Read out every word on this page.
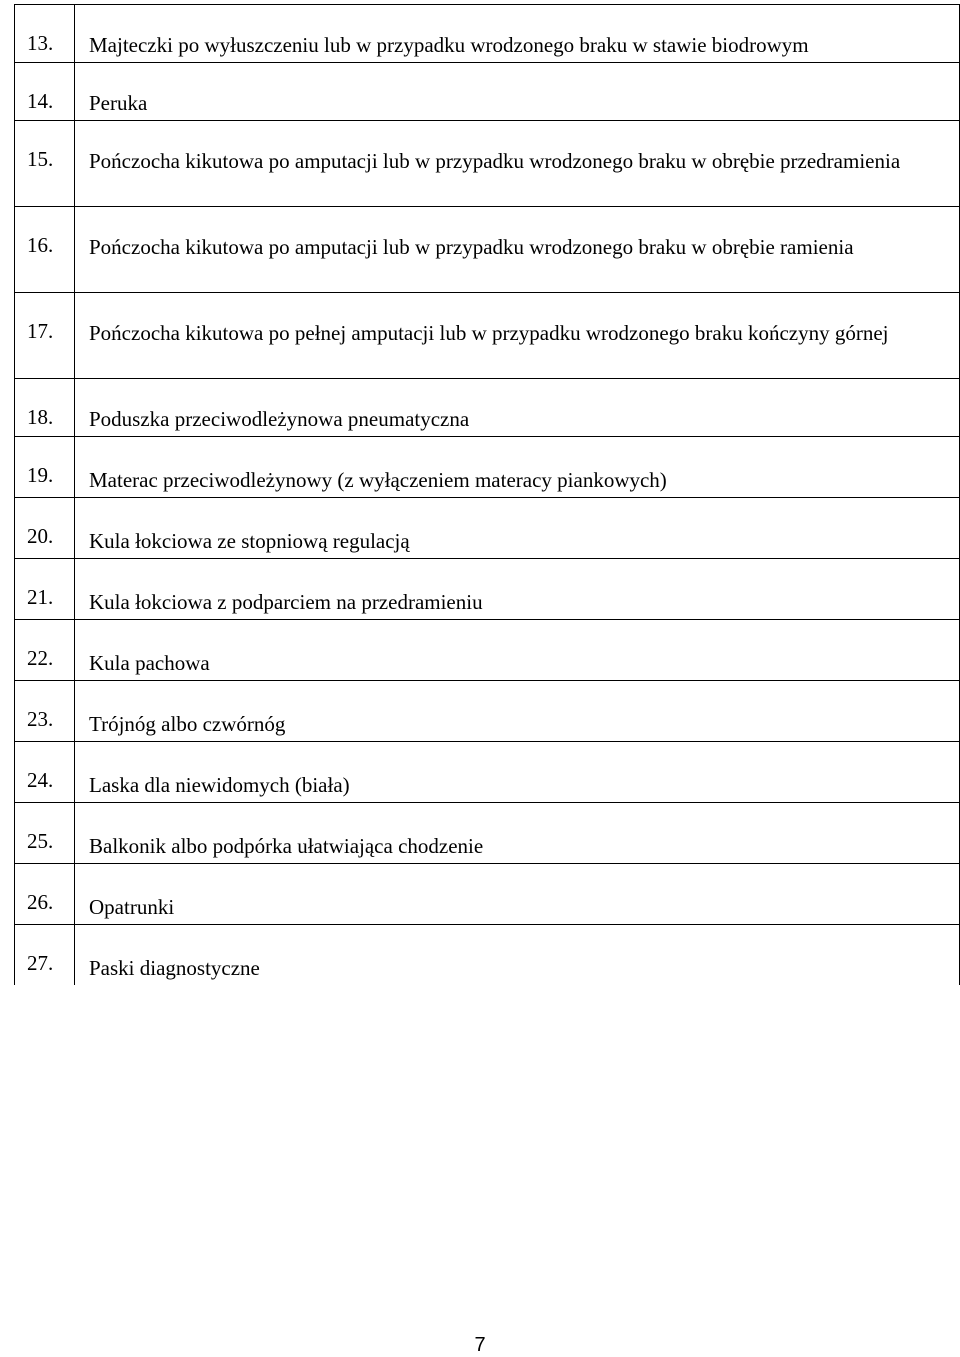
13.	Majteczki po wyłuszczeniu lub w przypadku wrodzonego braku w stawie biodrowym
14.	Peruka
15.	Pończocha kikutowa po amputacji lub w przypadku wrodzonego braku w obrębie przedramienia
16.	Pończocha kikutowa po amputacji lub w przypadku wrodzonego braku w obrębie ramienia
17.	Pończocha kikutowa po pełnej amputacji lub w przypadku wrodzonego braku kończyny górnej
18.	Poduszka przeciwodleżynowa pneumatyczna
19.	Materac przeciwodleżynowy (z wyłączeniem materacy piankowych)
20.	Kula łokciowa ze stopniową regulacją
21.	Kula łokciowa z podparciem na przedramieniu
22.	Kula pachowa
23.	Trójnóg albo czwórnóg
24.	Laska dla niewidomych (biała)
25.	Balkonik albo podpórka ułatwiająca chodzenie
26.	Opatrunki
27.	Paski diagnostyczne
7
